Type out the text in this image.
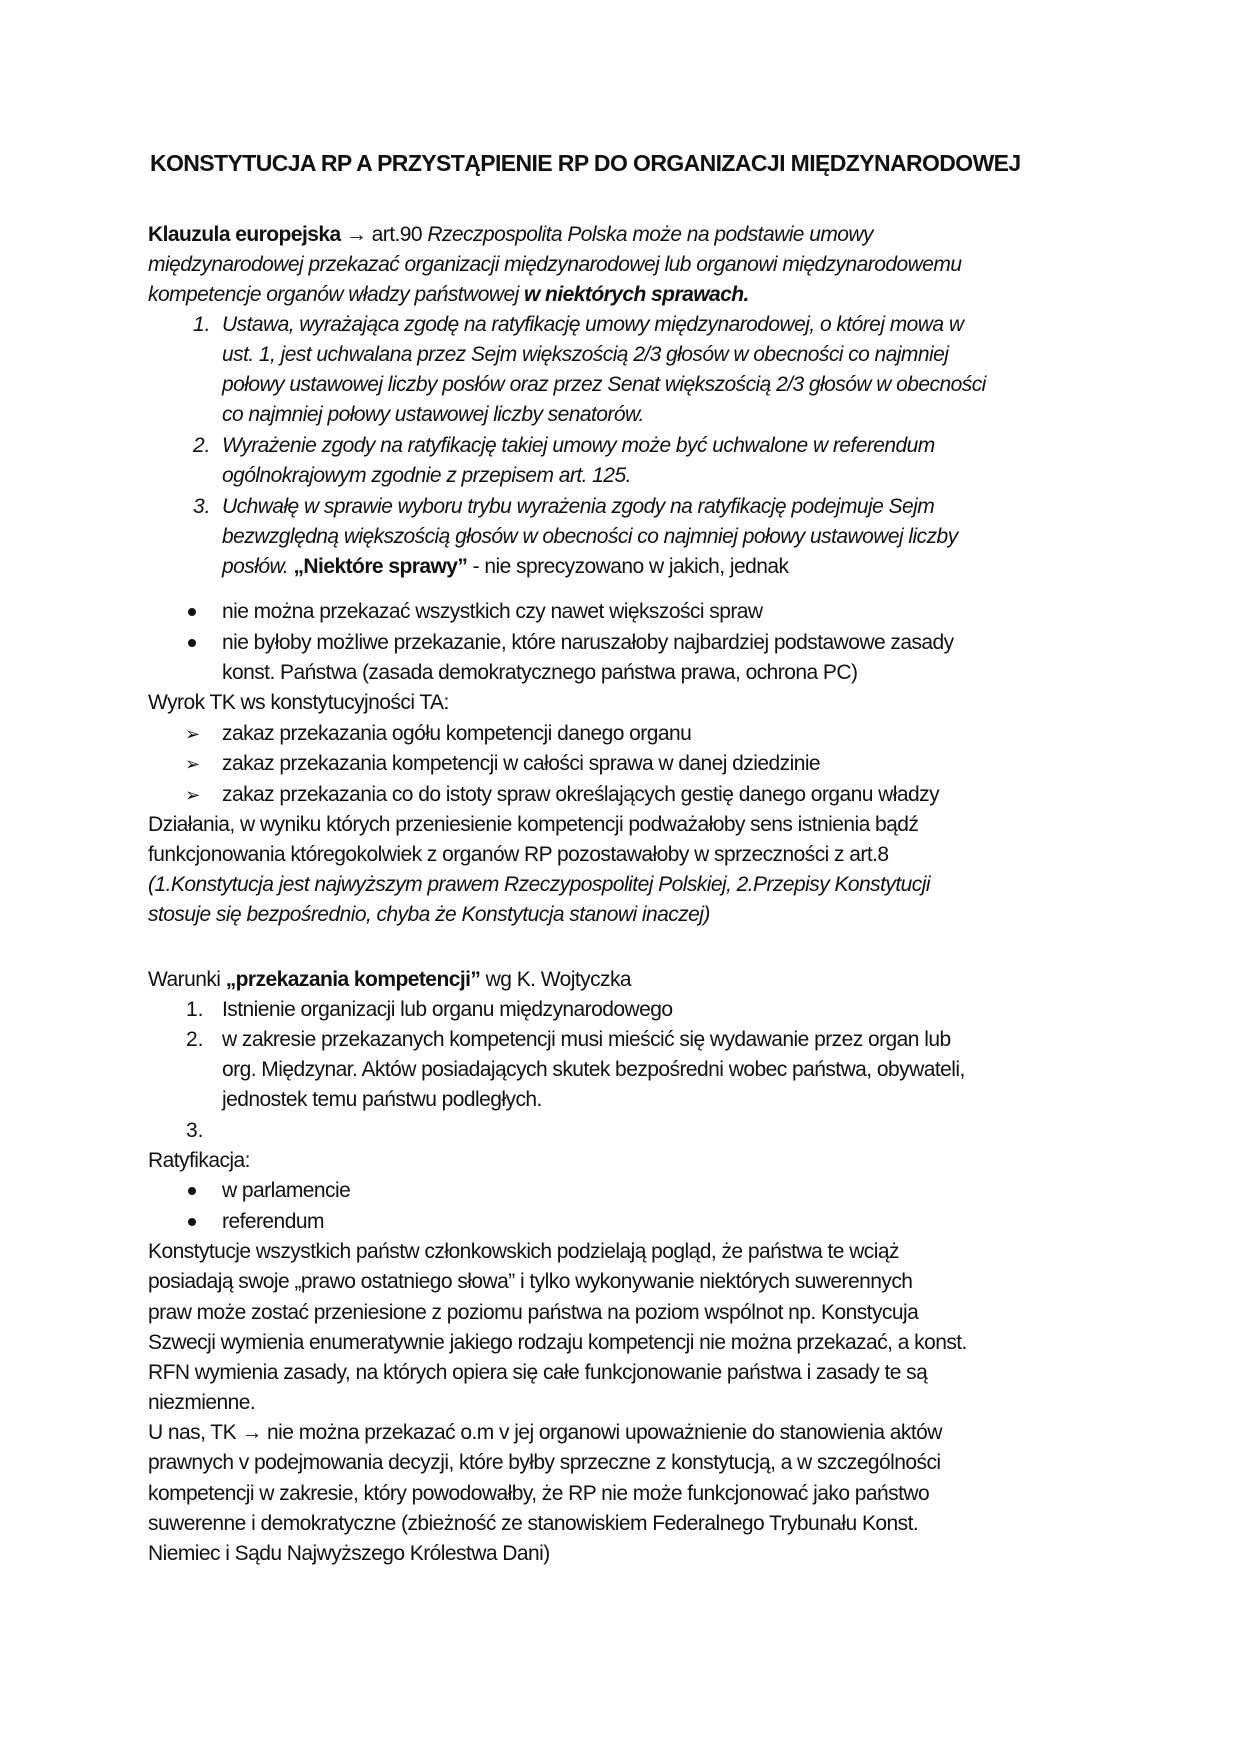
KONSTYTUCJA RP A PRZYSTĄPIENIE RP DO ORGANIZACJI MIĘDZYNARODOWEJ
Klauzula europejska → art.90 Rzeczpospolita Polska może na podstawie umowy
międzynarodowej przekazać organizacji międzynarodowej lub organowi międzynarodowemu
kompetencje organów władzy państwowej w niektórych sprawach.
1. Ustawa, wyrażająca zgodę na ratyfikację umowy międzynarodowej, o której mowa w
ust. 1, jest uchwalana przez Sejm większością 2/3 głosów w obecności co najmniej
połowy ustawowej liczby posłów oraz przez Senat większością 2/3 głosów w obecności
co najmniej połowy ustawowej liczby senatorów.
2. Wyrażenie zgody na ratyfikację takiej umowy może być uchwalone w referendum
ogólnokrajowym zgodnie z przepisem art. 125.
3. Uchwałę w sprawie wyboru trybu wyrażenia zgody na ratyfikację podejmuje Sejm
bezwzględną większością głosów w obecności co najmniej połowy ustawowej liczby
posłów. „Niektóre sprawy” - nie sprecyzowano w jakich, jednak
nie można przekazać wszystkich czy nawet większości spraw
nie byłoby możliwe przekazanie, które naruszałoby najbardziej podstawowe zasady
konst. Państwa (zasada demokratycznego państwa prawa, ochrona PC)
Wyrok TK ws konstytucyjności TA:
➢ zakaz przekazania ogółu kompetencji danego organu
➢ zakaz przekazania kompetencji w całości sprawa w danej dziedzinie
➢ zakaz przekazania co do istoty spraw określających gestię danego organu władzy
Działania, w wyniku których przeniesienie kompetencji podważałoby sens istnienia bądź
funkcjonowania któregokolwiek z organów RP pozostawałoby w sprzeczności z art.8
(1.Konstytucja jest najwyższym prawem Rzeczypospolitej Polskiej, 2.Przepisy Konstytucji
stosuje się bezpośrednio, chyba że Konstytucja stanowi inaczej)
Warunki „przekazania kompetencji” wg K. Wojtyczka
1. Istnienie organizacji lub organu międzynarodowego
2. w zakresie przekazanych kompetencji musi mieścić się wydawanie przez organ lub
org. Międzynar. Aktów posiadających skutek bezpośredni wobec państwa, obywateli,
jednostek temu państwu podległych.
3.
Ratyfikacja:
w parlamencie
referendum
Konstytucje wszystkich państw członkowskich podzielają pogląd, że państwa te wciąż
posiadają swoje „prawo ostatniego słowa” i tylko wykonywanie niektórych suwerennych
praw może zostać przeniesione z poziomu państwa na poziom wspólnot np. Konstycuja
Szwecji wymienia enumeratywnie jakiego rodzaju kompetencji nie można przekazać, a konst.
RFN wymienia zasady, na których opiera się całe funkcjonowanie państwa i zasady te są
niezmienne.
U nas, TK → nie można przekazać o.m v jej organowi upoważnienie do stanowienia aktów
prawnych v podejmowania decyzji, które byłby sprzeczne z konstytucją, a w szczególności
kompetencji w zakresie, który powodowałby, że RP nie może funkcjonować jako państwo
suwerenne i demokratyczne (zbieżność ze stanowiskiem Federalnego Trybunału Konst.
Niemiec i Sądu Najwyższego Królestwa Dani)
